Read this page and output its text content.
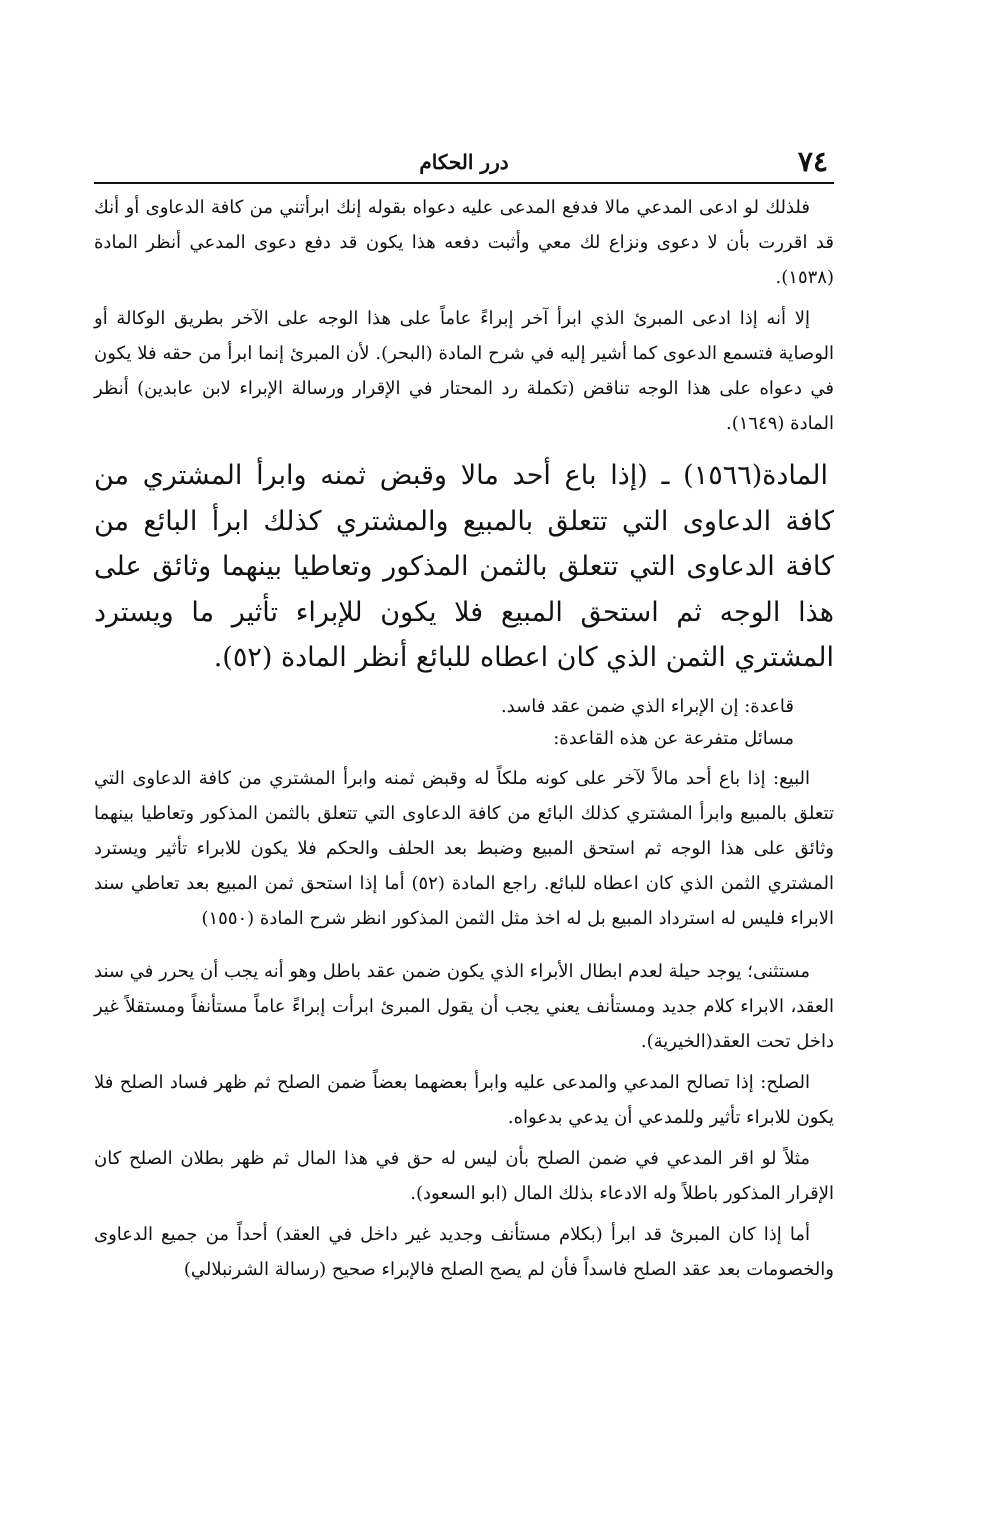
٧٤
درر الحكام

فلذلك لو ادعى المدعي مالا فدفع المدعى عليه دعواه بقوله إنك ابرأتني من كافة الدعاوى أو أنك قد اقررت بأن لا دعوى ونزاع لك معي وأثبت دفعه هذا يكون قد دفع دعوى المدعي أنظر المادة (١٥٣٨).

إلا أنه إذا ادعى المبرئ الذي ابرأ آخر إبراءً عاماً على هذا الوجه على الآخر بطريق الوكالة أو الوصاية فتسمع الدعوى كما أشير إليه في شرح المادة (البحر). لأن المبرئ إنما ابرأ من حقه فلا يكون في دعواه على هذا الوجه تناقض (تكملة رد المحتار في الإقرار ورسالة الإبراء لابن عابدين) أنظر المادة (١٦٤٩).

المادة(١٥٦٦) ـ (إذا باع أحد مالا وقبض ثمنه وابرأ المشتري من كافة الدعاوى التي تتعلق بالمبيع والمشتري كذلك ابرأ البائع من كافة الدعاوى التي تتعلق بالثمن المذكور وتعاطيا بينهما وثائق على هذا الوجه ثم استحق المبيع فلا يكون للإبراء تأثير ما ويسترد المشتري الثمن الذي كان اعطاه للبائع أنظر المادة (٥٢).

قاعدة: إن الإبراء الذي ضمن عقد فاسد.

مسائل متفرعة عن هذه القاعدة:

البيع: إذا باع أحد مالاً لآخر على كونه ملكاً له وقبض ثمنه وابرأ المشتري من كافة الدعاوى التي تتعلق بالمبيع وابرأ المشتري كذلك البائع من كافة الدعاوى التي تتعلق بالثمن المذكور وتعاطيا بينهما وثائق على هذا الوجه ثم استحق المبيع وضبط بعد الحلف والحكم فلا يكون للابراء تأثير ويسترد المشتري الثمن الذي كان اعطاه للبائع. راجع المادة (٥٢) أما إذا استحق ثمن المبيع بعد تعاطي سند الابراء فليس له استرداد المبيع بل له اخذ مثل الثمن المذكور انظر شرح المادة (١٥٥٠)

مستثنى؛ يوجد حيلة لعدم ابطال الأبراء الذي يكون ضمن عقد باطل وهو أنه يجب أن يحرر في سند العقد، الابراء كلام جديد ومستأنف يعني يجب أن يقول المبرئ ابرأت إبراءً عاماً مستأنفاً ومستقلاً غير داخل تحت العقد(الخيرية).

الصلح: إذا تصالح المدعي والمدعى عليه وابرأ بعضهما بعضاً ضمن الصلح ثم ظهر فساد الصلح فلا يكون للابراء تأثير وللمدعي أن يدعي بدعواه.

مثلاً لو اقر المدعي في ضمن الصلح بأن ليس له حق في هذا المال ثم ظهر بطلان الصلح كان الإقرار المذكور باطلاً وله الادعاء بذلك المال (ابو السعود).

أما إذا كان المبرئ قد ابرأ (بكلام مستأنف وجديد غير داخل في العقد) أحداً من جميع الدعاوى والخصومات بعد عقد الصلح فاسداً فأن لم يصح الصلح فالإبراء صحيح (رسالة الشرنبلالي)
